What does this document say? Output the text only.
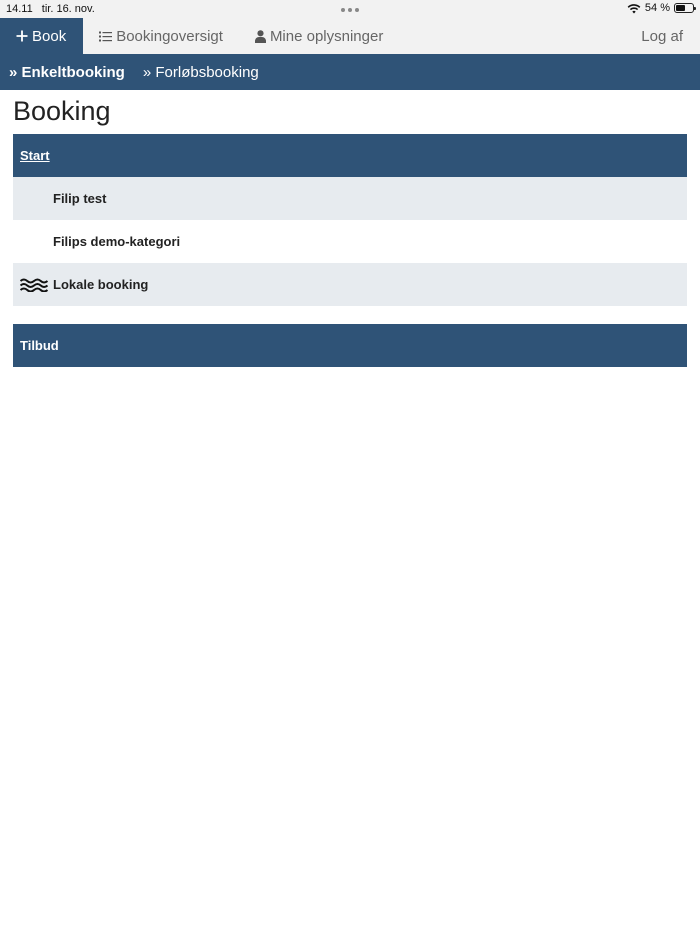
14.11 tir. 16. nov.	54 %
Book	Bookingoversigt	Mine oplysninger	Log af
» Enkeltbooking » Forløbsbooking
Booking
Start
Filip test
Filips demo-kategori
Lokale booking
Tilbud
